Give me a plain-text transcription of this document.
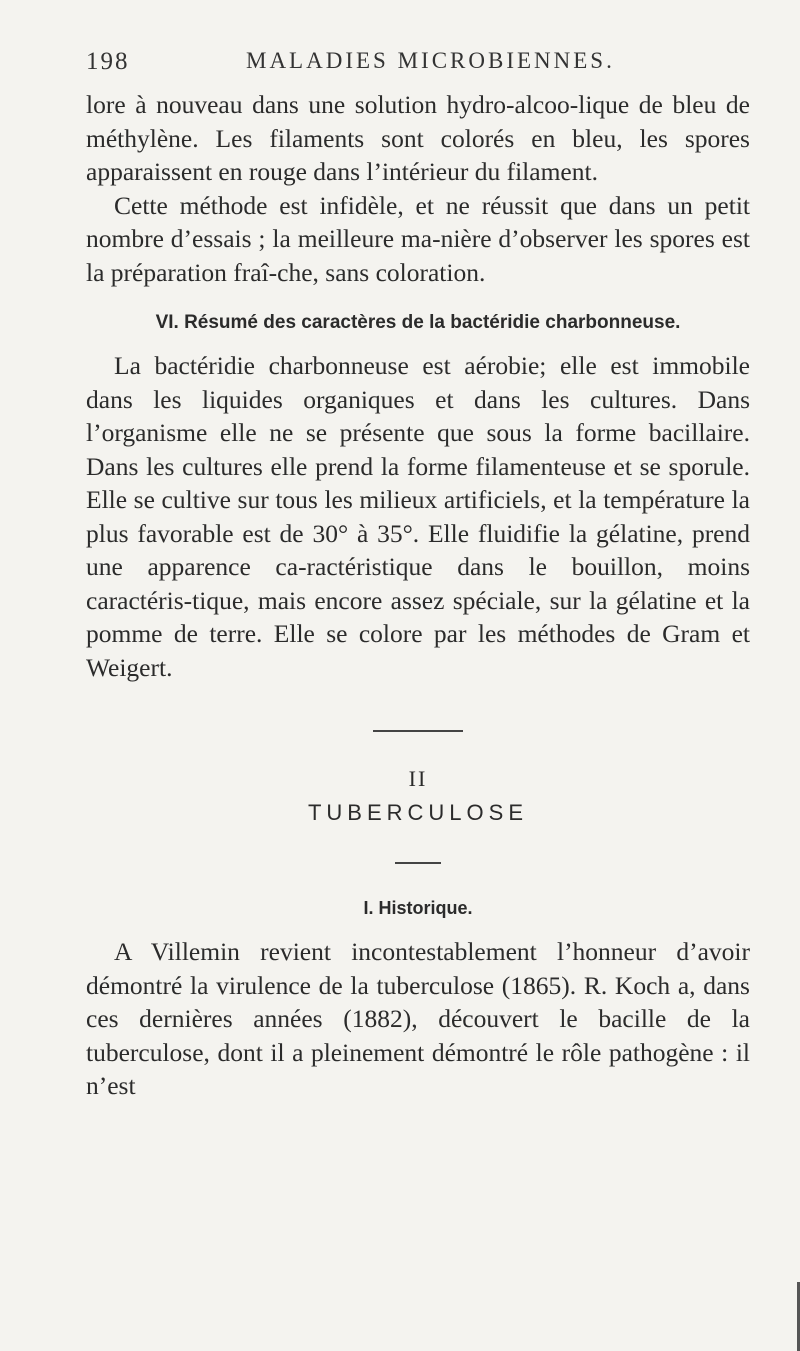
198	MALADIES MICROBIENNES.

lore à nouveau dans une solution hydro-alcoo-lique de bleu de méthylène. Les filaments sont colorés en bleu, les spores apparaissent en rouge dans l’intérieur du filament.

Cette méthode est infidèle, et ne réussit que dans un petit nombre d’essais ; la meilleure ma-nière d’observer les spores est la préparation fraî-che, sans coloration.

VI. Résumé des caractères de la bactéridie charbonneuse.

La bactéridie charbonneuse est aérobie; elle est immobile dans les liquides organiques et dans les cultures. Dans l’organisme elle ne se présente que sous la forme bacillaire. Dans les cultures elle prend la forme filamenteuse et se sporule. Elle se cultive sur tous les milieux artificiels, et la température la plus favorable est de 30° à 35°. Elle fluidifie la gélatine, prend une apparence ca-ractéristique dans le bouillon, moins caractéris-tique, mais encore assez spéciale, sur la gélatine et la pomme de terre. Elle se colore par les méthodes de Gram et Weigert.

II
TUBERCULOSE
I. Historique.

A Villemin revient incontestablement l’honneur d’avoir démontré la virulence de la tuberculose (1865). R. Koch a, dans ces dernières années (1882), découvert le bacille de la tuberculose, dont il a pleinement démontré le rôle pathogène : il n’est
